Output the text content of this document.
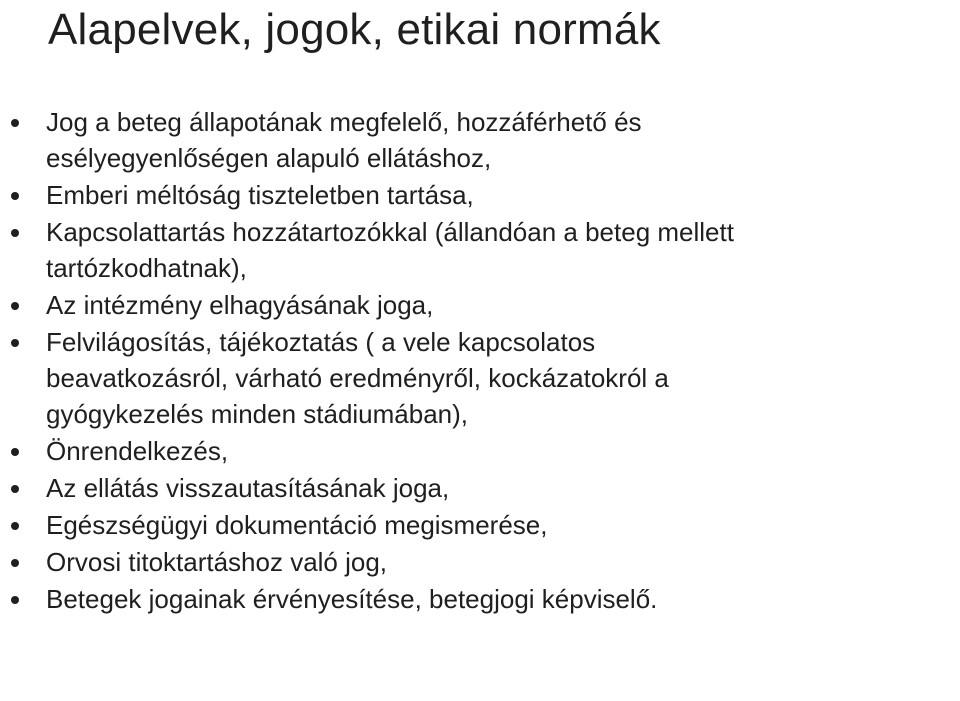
Alapelvek, jogok, etikai normák
Jog a beteg állapotának megfelelő, hozzáférhető és
esélyegyenlőségen alapuló ellátáshoz,
Emberi méltóság tiszteletben tartása,
Kapcsolattartás hozzátartozókkal (állandóan a beteg mellett
tartózkodhatnak),
Az intézmény elhagyásának joga,
Felvilágosítás, tájékoztatás ( a vele kapcsolatos
beavatkozásról, várható eredményről, kockázatokról a
gyógykezelés minden stádiumában),
Önrendelkezés,
Az ellátás visszautasításának joga,
Egészségügyi dokumentáció megismerése,
Orvosi titoktartáshoz való jog,
Betegek jogainak érvényesítése, betegjogi képviselő.
